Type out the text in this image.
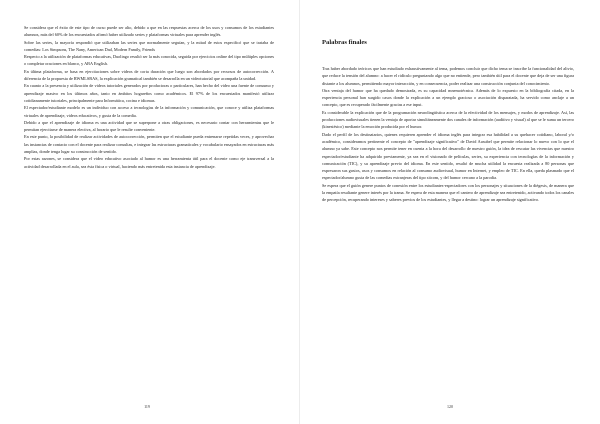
Se considera que el éxito de este tipo de curso puede ser alto, debido a que en las respuestas acerca de los usos y consumos de los estudiantes alumnos, más del 60% de los encuestados afirmó haber utilizado series y plataformas virtuales para aprender inglés.

Sobre las series, la mayoría respondió que utilizaban las series que normalmente seguían, y la mitad de estos especificó que se trataba de comedias: Los Simpsons, The Nany, American Dad, Modern Family, Friends

Respecto a la utilización de plataformas educativas, Duolingo resultó ser la más conocida, seguida por ejercicios online del tipo múltiples opciones o completar oraciones en blanco, y ABA English.

En última plataforma, se basa en ejercitaciones sobre videos de corta duración que luego son abordados por recursos de autocorrección. A diferencia de la propuesta de RWMLSBAS, la explicación gramatical también se desarrolla en un videotutorial que acompaña la unidad.

En cuanto a la presencia y utilización de videos tutoriales generados por productoras o particulares, han hecho del video una fuente de consumo y aprendizaje masivo en los últimos años, tanto en ámbitos hogareños como académicos. El 97% de los encuestados manifestó utilizar cotidianamente tutoriales, principalmente para Informática, cocina e idiomas.

El espectador/estudiante modelo es un individuo con acceso a tecnologías de la información y comunicación, que conoce y utiliza plataformas virtuales de aprendizaje, videos educativos, y gusta de la comedia.

Debido a que el aprendizaje de idioma es una actividad que se superpone a otras obligaciones, es necesario contar con herramientas que le permitan ejercitarse de manera electiva, al horario que le resulte conveniente.

En este punto, la posibilidad de realizar actividades de autocorrección, permiten que el estudiante pueda entrenarse repetidas veces, y aprovechar las instancias de contacto con el docente para realizar consultas, e integrar las estructuras gramaticales y vocabulario ensayados en estructuras más amplias, donde tenga lugar su construcción de sentido.

Por estas razones, se considera que el video educativo asociado al humor es una herramienta útil para el docente como eje transversal a la actividad desarrollada en el aula, sea ésta física o virtual, haciendo más entretenida esta instancia de aprendizaje.

119
Palabras finales

Tras haber abordado teóricos que han estudiado exhaustivamente al tema, podemos concluir que dicho tema se inscribe la funcionalidad del alivio, que reduce la tensión del alumno: a hacer el ridículo preguntando algo que no entiende, pero también útil para el docente que deja de ser una figura distante a los alumnos, permitiendo mayor interacción, y en consecuencia, poder realizar una construcción conjunta del conocimiento.

Otra ventaja del humor que ha quedado demostrada, es su capacidad mnemotécnica. Además de lo expuesto en la bibliografía citada, en la experiencia personal han surgido casos donde la explicación a un ejemplo gracioso o asociación disparatada, ha servido como anclaje a un concepto, que es recuperado fácilmente gracias a ese input.

Es considerable la explicación que de la programación neurolingüística acerca de la efectividad de los mensajes, y modos de aprendizaje. Así, las producciones audiovisuales tienen la ventaja de aportar simultáneamente dos canales de información (auditivo y visual) al que se le suma un tercero (kinestésico) mediante la emoción producida por el humor.

Dado el perfil de los destinatarios, quienes requieren aprender el idioma inglés para integrar esa habilidad a su quehacer cotidiano, laboral y/o académico, consideramos pertinente el concepto de "aprendizaje significativo" de David Ausubel que permite relacionar lo nuevo con lo que el alumno ya sabe. Este concepto nos permite tener en cuenta a la hora del desarrollo de nuestro guión, la idea de rescatar las vivencias que nuestro espectador/estudiante ha adquirido previamente, ya sea en el visionado de películas, series, su experiencia con tecnologías de la información y comunicación (TIC), y su aprendizaje previo del idioma. En este sentido, resultó de mucha utilidad la encuesta realizada a 80 personas que expresaron sus gustos, usos y consumos en relación al consumo audiovisual, humor en Internet, y empleo de TIC. En ella, queda plasmado que el espectador/alumno gusta de las comedias extranjeras del tipo sitcom, y del humor cercano a la parodia.

Se espera que el guión genere puntos de conexión entre los estudiantes-espectadores con los personajes y situaciones de la diégesis, de manera que la empatía resultante genere interés por la trama. Se espera de esta manera que el cantero de aprendizaje sea entretenido, activando todos los canales de percepción, recuperando intereses y saberes previos de los estudiantes, y llegar a destino: lograr un aprendizaje significativo.

120
